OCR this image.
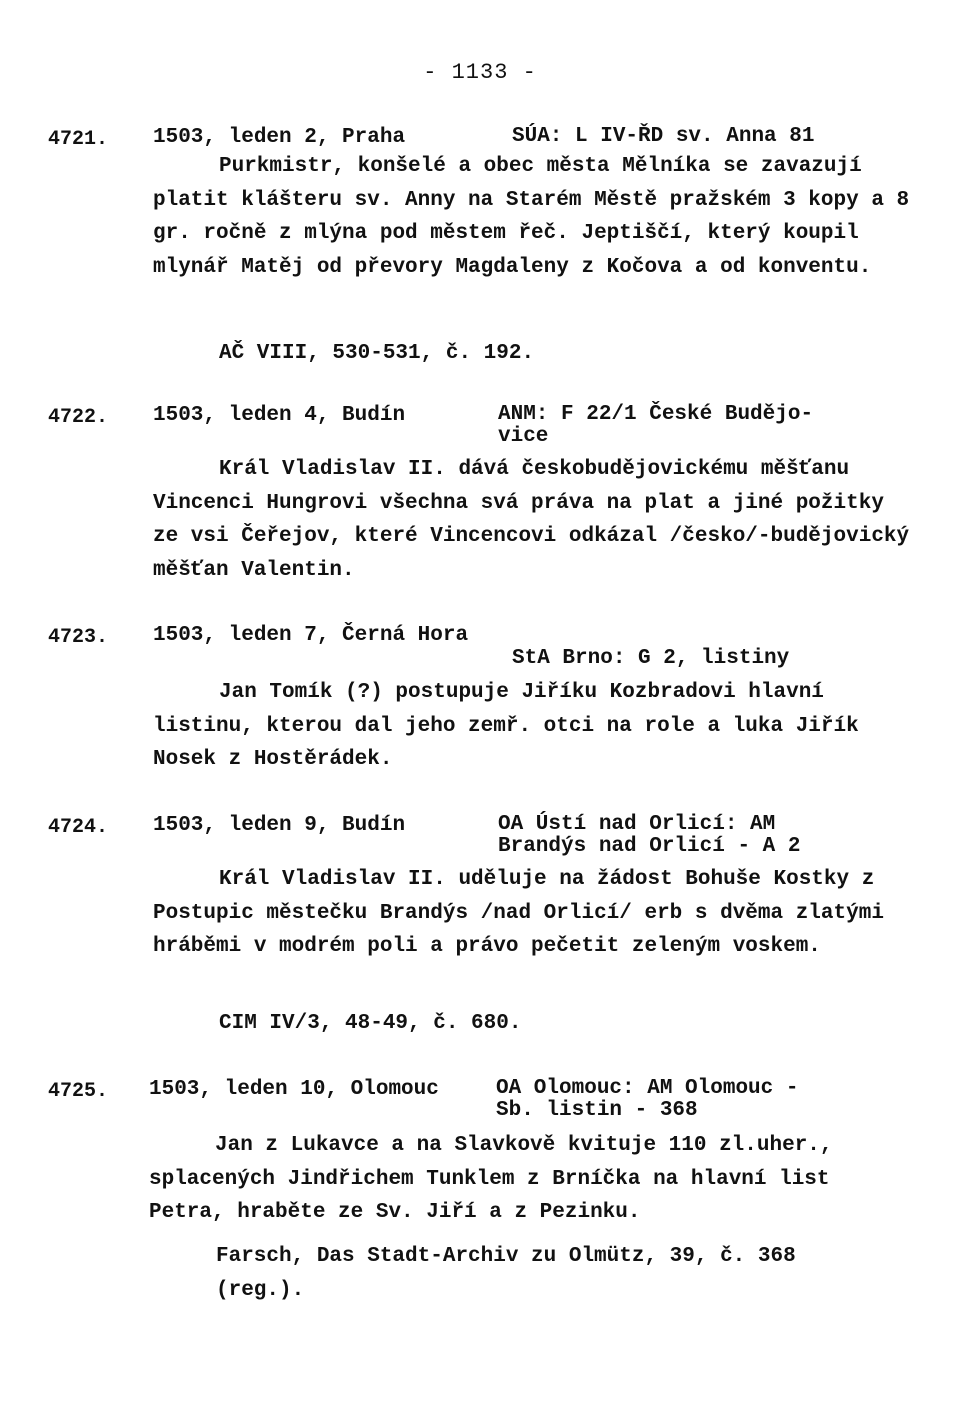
- 1133 -
4721. 1503, leden 2, Praha	SÚA: L IV-ŘD sv. Anna 81

Purkmistr, konšelé a obec města Mělníka se zavazují platit klášteru sv. Anny na Starém Městě pražském 3 kopy a 8 gr. ročně z mlýna pod městem řeč. Jeptiščí, který koupil mlynář Matěj od převory Magdaleny z Kočova a od konventu.

AČ VIII, 530-531, č. 192.
4722. 1503, leden 4, Budín	ANM: F 22/1 České Budějo-
vice

Král Vladislav II. dává českobudějovickému měšťanu Vincenci Hungrovi všechna svá práva na plat a jiné požitky ze vsi Čeřejov, které Vincencovi odkázal /česko/-budějovický měšťan Valentin.

4723. 1503, leden 7, Černá Hora
StA Brno: G 2, listiny

Jan Tomík (?) postupuje Jiříku Kozbradovi hlavní listinu, kterou dal jeho zemř. otci na role a luka Jiřík Nosek z Hostěrádek.

4724. 1503, leden 9, Budín	OA Ústí nad Orlicí: AM
Brandýs nad Orlicí - A 2

Král Vladislav II. uděluje na žádost Bohuše Kostky z Postupic městečku Brandýs /nad Orlicí/ erb s dvěma zlatými hráběmi v modrém poli a právo pečetit zeleným voskem.

CIM IV/3, 48-49, č. 680.
4725. 1503, leden 10, Olomouc	OA Olomouc: AM Olomouc -
Sb. listin - 368

Jan z Lukavce a na Slavkově kvituje 110 zl.uher., splacených Jindřichem Tunklem z Brníčka na hlavní list Petra, hraběte ze Sv. Jiří a z Pezinku.

Farsch, Das Stadt-Archiv zu Olmütz, 39, č. 368
(reg.).
